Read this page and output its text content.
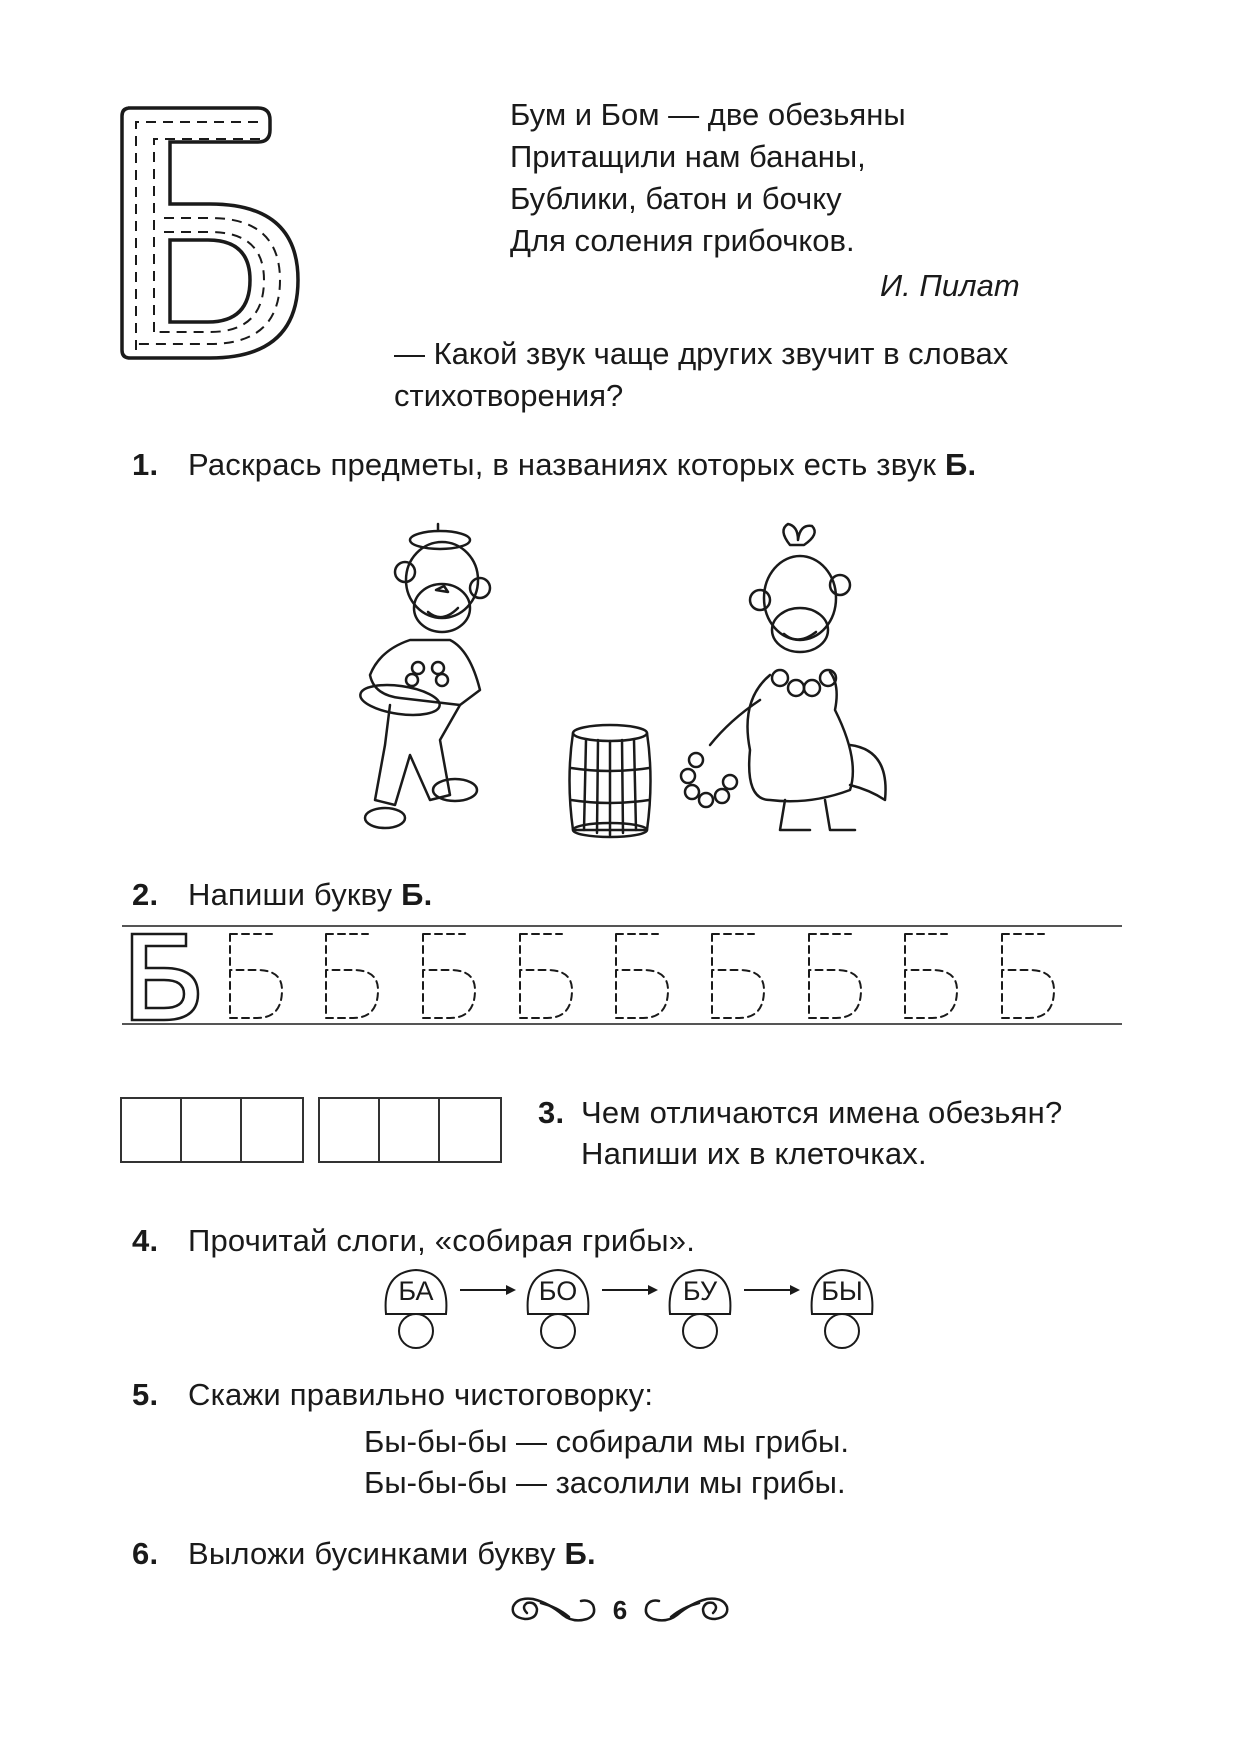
Бум и Бом — две обезьяны
Притащили нам бананы,
Бублики, батон и бочку
Для соления грибочков.
И. Пилат
— Какой звук чаще других звучит в словах
стихотворения?
1. Раскрась предметы, в названиях которых есть звук Б.
2. Напиши букву Б.
3. Чем отличаются имена обезьян?
Напиши их в клеточках.
4. Прочитай слоги, «собирая грибы».
БА	БО	БУ	БЫ
5. Скажи правильно чистоговорку:
Бы-бы-бы — собирали мы грибы.
Бы-бы-бы — засолили мы грибы.
6. Выложи бусинками букву Б.
6
